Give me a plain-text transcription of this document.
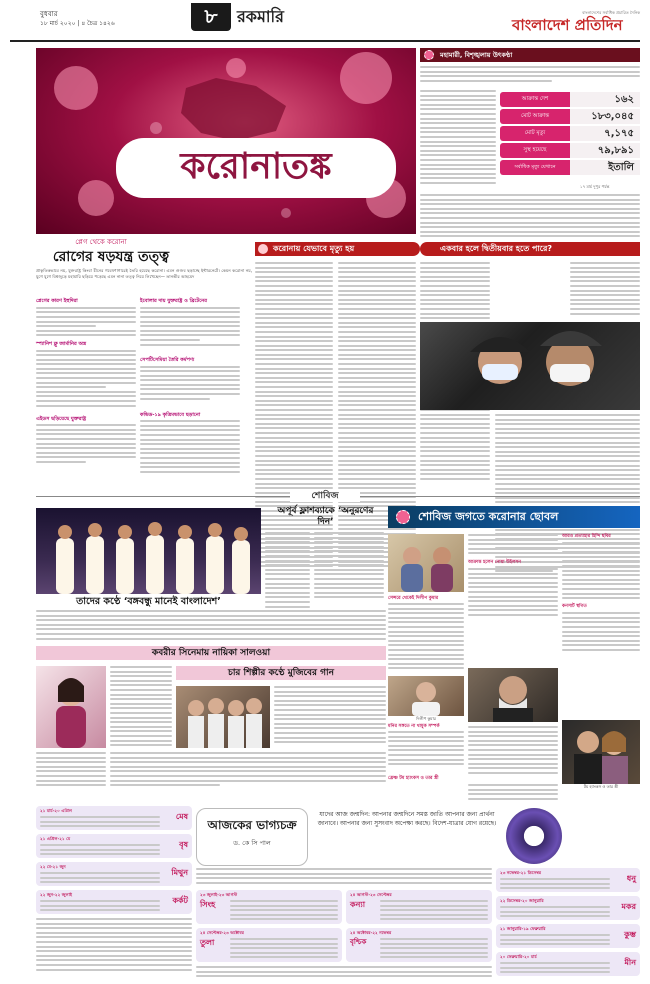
বুধবার
১৮ মার্চ ২০২০ | ৪ চৈত্র ১৪২৬	৮	রকমারি	বাংলাদেশের সর্বাধিক প্রচারিত দৈনিক
বাংলাদেশ প্রতিদিন
করোনাতঙ্ক
প্লেগ থেকে করোনা
রোগের ষড়যন্ত্র তত্ত্ব
প্রাকৃতিকভাবে নয়, যুক্তরাষ্ট্র কিংবা চীনের গবেষণাগারেই তৈরি হয়েছে করোনা। এমন গুজব ছড়াচ্ছে ইন্টারনেটে। কেমন করোনা নয়, যুগে যুগে বিশ্বজুড়ে মহামারি ছড়িয়ে পড়েছে এমন নানা তত্ত্ব নিয়ে লিখেছেন— তানভীর আহমেদ
প্লেগের কারণ ইহুদিরা
স্প্যানিশ ফ্লু জার্মানির অস্ত্র
এইডস ছড়িয়েছে যুক্তরাষ্ট্র
ইবোলার দায় যুক্তরাষ্ট্র ও ব্রিটেনের
সেপটিসেমিয়া তৈরি কর্মপণ্য
কভিড-১৯ কৃত্রিমভাবে ছড়ানো
মহামারী, বিশৃঙ্খলায় উৎকণ্ঠা
আক্রান্ত দেশ	১৬২
মোট আক্রান্ত	১৮৩,০৪৫
মোট মৃত্যু	৭,১৭৫
সুস্থ হয়েছে	৭৯,৮৯১
সর্বাধিক মৃত্যু যেখানে	ইতালি
১৭ মার্চ দুপুর পর্যন্ত
করোনায় যেভাবে মৃত্যু হয়	একবার হলে দ্বিতীয়বার হতে পারে?
শোবিজ
তাদের কণ্ঠে ‘বঙ্গবন্ধু মানেই বাংলাদেশ’
অপূর্ব ফ্লাশব্যাকে ‘অনুরণের দিন’	শোবিজ জগতে করোনার ছোবল
সেন্সরে থেকেই দিলীপ কুমার
আক্রান্ত হলেন নোয়া উইলসন
আরও প্রত্যাহার হিন্দি ছবির
কনসার্ট স্থগিত
দিলীপ কুমার
মনির সঙ্গতে না থামুক সম্পর্ক
ফ্রেঞ্চ টম হ্যাংকস ও তার স্ত্রী
টম হ্যাংকস ও তার স্ত্রী
কবরীর সিনেমায় নায়িকা সালওয়া
চার শিল্পীর কণ্ঠে মুজিবের গান
আজকের ভাগ্যচক্র
ড. কে সি পাল
যাদের আজ জন্মদিন: আপনার জন্মদিনে সমস্ত জাতি আপনার জন্য প্রার্থনা জানাবে। আপনার জন্য সুসংবাদ অপেক্ষা করছে। বিদেশ-যাত্রার যোগ রয়েছে।
২১ মার্চ-২০ এপ্রিল
মেষ
২১ এপ্রিল-২১ মে
বৃষ
২২ মে-২১ জুন
মিথুন
২২ জুন-২২ জুলাই
কর্কট
২৩ জুলাই-২৩ আগস্ট
সিংহ
২৪ আগস্ট-২৩ সেপ্টেম্বর
কন্যা
২৪ সেপ্টেম্বর-২৩ অক্টোবর
তুলা
২৪ অক্টোবর-২২ নভেম্বর
বৃশ্চিক
২৩ নভেম্বর-২১ ডিসেম্বর
ধনু
২২ ডিসেম্বর-২০ জানুয়ারি
মকর
২১ জানুয়ারি-১৯ ফেব্রুয়ারি
কুম্ভ
২০ ফেব্রুয়ারি-২০ মার্চ
মীন
